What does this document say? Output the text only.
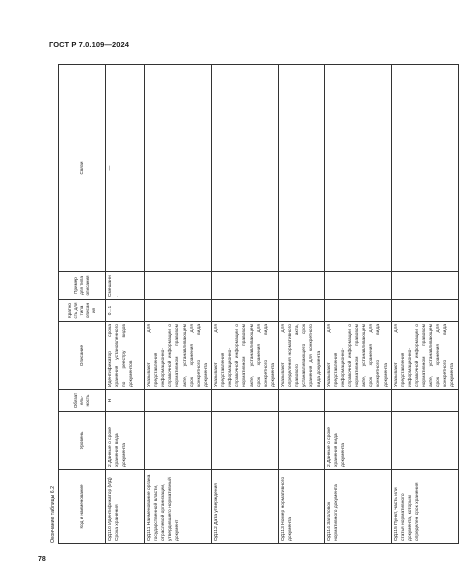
ГОСТ Р 7.0.109—2024
Окончание таблицы 6.2	Код и наименование	Уровень	Обязатель-ность	Описание	Кратность для типа описания	Пример для типа описания	Связи
ОД110 Идентификатор (ИД) Срока хранения	2.Данные о сроке хранения вида документа	Н	Идентификатор срока хранения установленного по реестру видов документов	0...1	Смешанн.	—
ОД111 Наименование органа государственной власти, отраслевой организации, утвердившего нормативный документ			Указывают для представления информационно-справочной информации о нормативном правовом акте, устанавливающем срок хранения для конкретного вида документа			
ОД112 Дата утверждения			Указывают для представления информационно-справочной информации о нормативном правовом акте, устанавливающем срок хранения для конкретного вида документа			
ОД113 Номер нормативного документа			Указывают для определения нормативного правового акта, устанавливающего срок хранения для конкретного вида документа			
ОД114 Заголовок нормативного документа	2.Данные о сроке хранения вида документа		Указывают для представления информационно-справочной информации о нормативном правовом акте, устанавливающем срок хранения для конкретного вида документа			
ОД115 Пункт, часть или статья нормативного документа, которым определен срок хранения			Указывают для представления информационно-справочной информации о нормативном правовом акте, устанавливающем срок хранения для конкретного вида документа			
78
